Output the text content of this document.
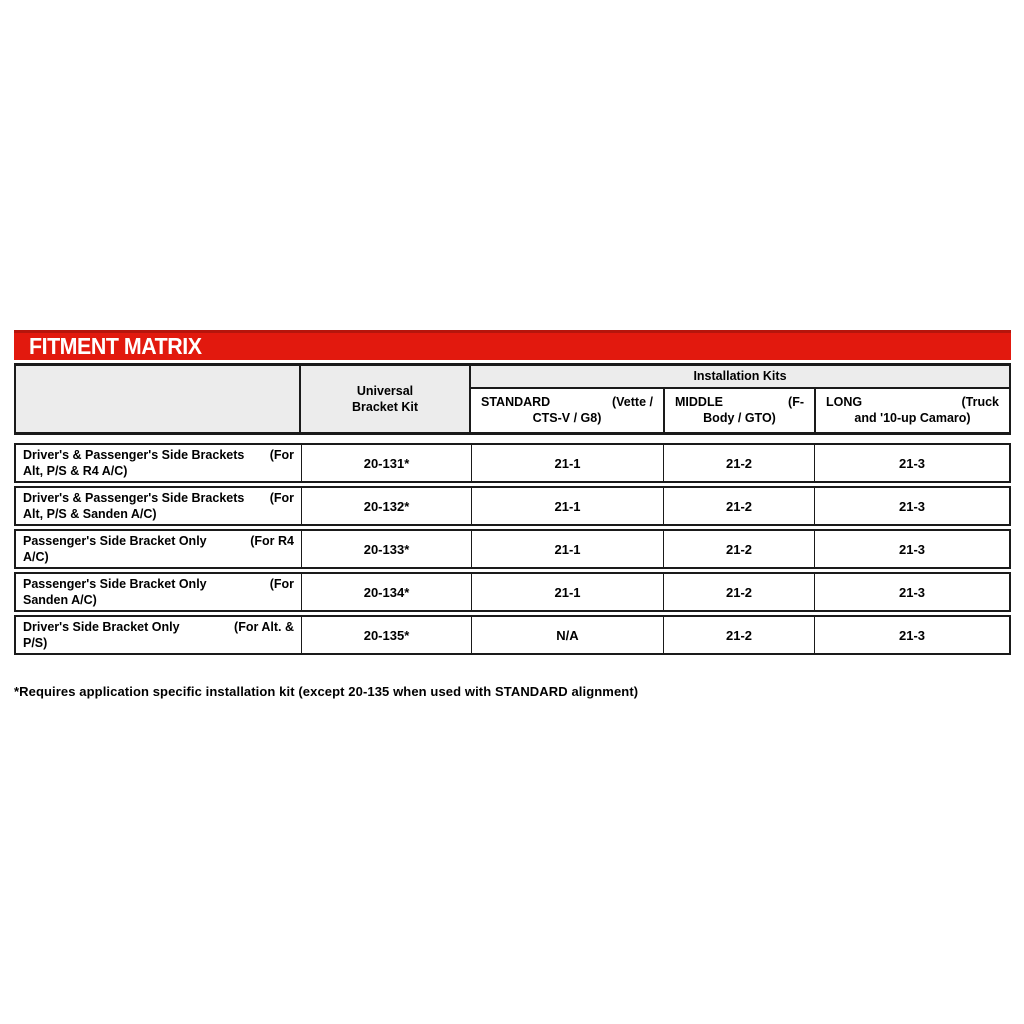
FITMENT MATRIX
Universal
Bracket Kit
Installation Kits
STANDARD	(Vette /
CTS-V / G8)
MIDDLE	(F-
Body / GTO)
LONG	(Truck
and '10-up Camaro)
Driver's & Passenger's Side Brackets (For
Alt, P/S & R4 A/C)
20-131*	21-1	21-2	21-3
Driver's & Passenger's Side Brackets (For
Alt, P/S & Sanden A/C)
20-132*	21-1	21-2	21-3
Passenger's Side Bracket Only	(For R4
A/C)
20-133*	21-1	21-2	21-3
Passenger's Side Bracket Only	(For
Sanden A/C)
20-134*	21-1	21-2	21-3
Driver's Side Bracket Only	(For Alt. &
P/S)
20-135*	N/A	21-2	21-3
*Requires application specific installation kit (except 20-135 when used with STANDARD alignment)
